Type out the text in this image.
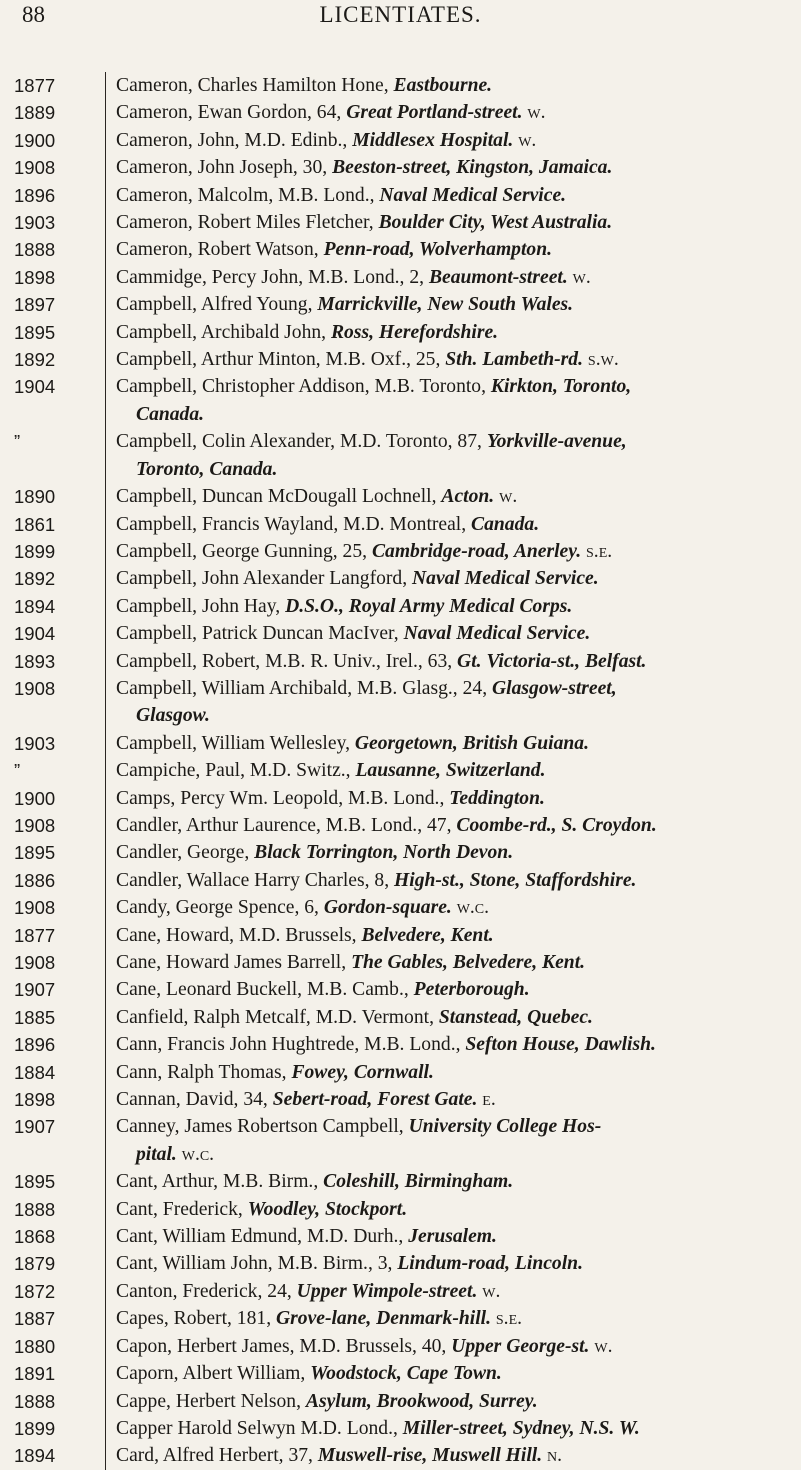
88	LICENTIATES.
1877	Cameron, Charles Hamilton Hone, Eastbourne.
1889	Cameron, Ewan Gordon, 64, Great Portland-street. w.
1900	Cameron, John, M.D. Edinb., Middlesex Hospital. w.
1908	Cameron, John Joseph, 30, Beeston-street, Kingston, Jamaica.
1896	Cameron, Malcolm, M.B. Lond., Naval Medical Service.
1903	Cameron, Robert Miles Fletcher, Boulder City, West Australia.
1888	Cameron, Robert Watson, Penn-road, Wolverhampton.
1898	Cammidge, Percy John, M.B. Lond., 2, Beaumont-street. w.
1897	Campbell, Alfred Young, Marrickville, New South Wales.
1895	Campbell, Archibald John, Ross, Herefordshire.
1892	Campbell, Arthur Minton, M.B. Oxf., 25, Sth. Lambeth-rd. s.w.
1904	Campbell, Christopher Addison, M.B. Toronto, Kirkton, Toronto,
Canada.
”	Campbell, Colin Alexander, M.D. Toronto, 87, Yorkville-avenue,
Toronto, Canada.
1890	Campbell, Duncan McDougall Lochnell, Acton. w.
1861	Campbell, Francis Wayland, M.D. Montreal, Canada.
1899	Campbell, George Gunning, 25, Cambridge-road, Anerley. s.e.
1892	Campbell, John Alexander Langford, Naval Medical Service.
1894	Campbell, John Hay, D.S.O., Royal Army Medical Corps.
1904	Campbell, Patrick Duncan MacIver, Naval Medical Service.
1893	Campbell, Robert, M.B. R. Univ., Irel., 63, Gt. Victoria-st., Belfast.
1908	Campbell, William Archibald, M.B. Glasg., 24, Glasgow-street,
Glasgow.
1903	Campbell, William Wellesley, Georgetown, British Guiana.
”	Campiche, Paul, M.D. Switz., Lausanne, Switzerland.
1900	Camps, Percy Wm. Leopold, M.B. Lond., Teddington.
1908	Candler, Arthur Laurence, M.B. Lond., 47, Coombe-rd., S. Croydon.
1895	Candler, George, Black Torrington, North Devon.
1886	Candler, Wallace Harry Charles, 8, High-st., Stone, Staffordshire.
1908	Candy, George Spence, 6, Gordon-square. w.c.
1877	Cane, Howard, M.D. Brussels, Belvedere, Kent.
1908	Cane, Howard James Barrell, The Gables, Belvedere, Kent.
1907	Cane, Leonard Buckell, M.B. Camb., Peterborough.
1885	Canfield, Ralph Metcalf, M.D. Vermont, Stanstead, Quebec.
1896	Cann, Francis John Hughtrede, M.B. Lond., Sefton House, Dawlish.
1884	Cann, Ralph Thomas, Fowey, Cornwall.
1898	Cannan, David, 34, Sebert-road, Forest Gate. e.
1907	Canney, James Robertson Campbell, University College Hos-
pital. w.c.
1895	Cant, Arthur, M.B. Birm., Coleshill, Birmingham.
1888	Cant, Frederick, Woodley, Stockport.
1868	Cant, William Edmund, M.D. Durh., Jerusalem.
1879	Cant, William John, M.B. Birm., 3, Lindum-road, Lincoln.
1872	Canton, Frederick, 24, Upper Wimpole-street. w.
1887	Capes, Robert, 181, Grove-lane, Denmark-hill. s.e.
1880	Capon, Herbert James, M.D. Brussels, 40, Upper George-st. w.
1891	Caporn, Albert William, Woodstock, Cape Town.
1888	Cappe, Herbert Nelson, Asylum, Brookwood, Surrey.
1899	Capper Harold Selwyn M.D. Lond., Miller-street, Sydney, N.S. W.
1894	Card, Alfred Herbert, 37, Muswell-rise, Muswell Hill. n.
